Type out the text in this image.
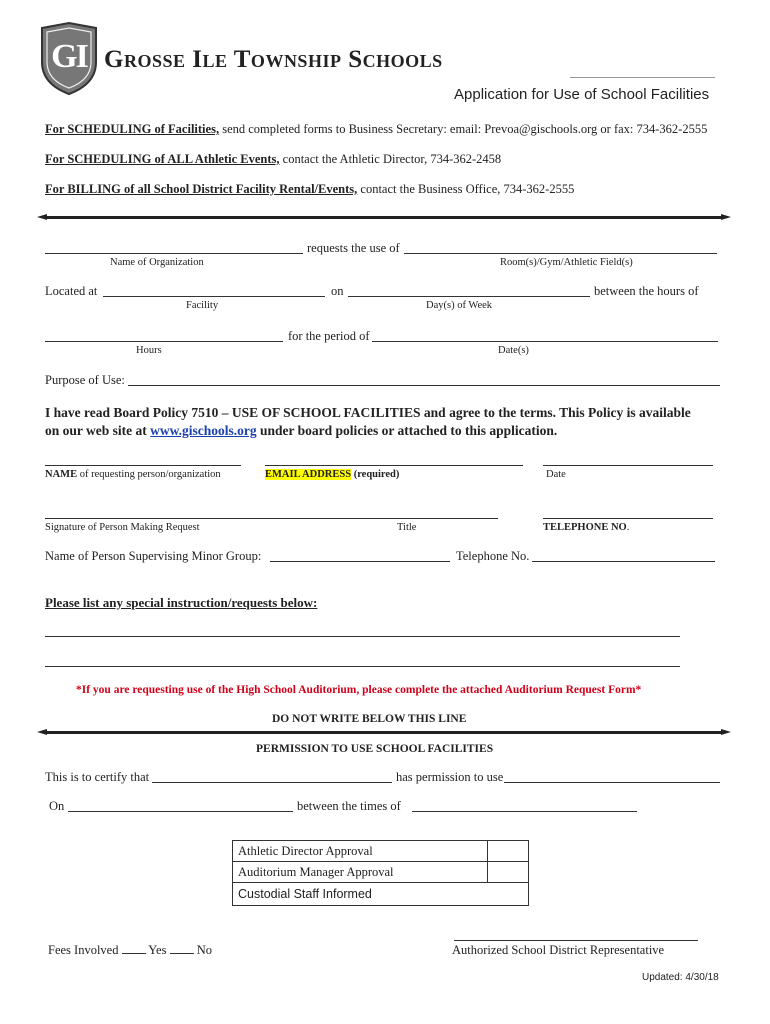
GI Grosse Ile Township Schools
Application for Use of School Facilities
For SCHEDULING of Facilities, send completed forms to Business Secretary: email: Prevoa@gischools.org or fax: 734-362-2555
For SCHEDULING of ALL Athletic Events, contact the Athletic Director, 734-362-2458
For BILLING of all School District Facility Rental/Events, contact the Business Office, 734-362-2555
requests the use of
Name of Organization	Room(s)/Gym/Athletic Field(s)
Located at	on	between the hours of
Facility	Day(s) of Week
for the period of
Hours	Date(s)
Purpose of Use:
I have read Board Policy 7510 – USE OF SCHOOL FACILITIES and agree to the terms. This Policy is available
on our web site at www.gischools.org under board policies or attached to this application.
NAME of requesting person/organization	EMAIL ADDRESS (required)	Date
Signature of Person Making Request	Title	TELEPHONE NO.
Name of Person Supervising Minor Group:	Telephone No.
Please list any special instruction/requests below:
*If you are requesting use of the High School Auditorium, please complete the attached Auditorium Request Form*
DO NOT WRITE BELOW THIS LINE
PERMISSION TO USE SCHOOL FACILITIES
This is to certify that	has permission to use
On	between the times of
Athletic Director Approval	
Auditorium Manager Approval	
Custodial Staff Informed	
Fees Involved Yes No	Authorized School District Representative
Updated: 4/30/18
